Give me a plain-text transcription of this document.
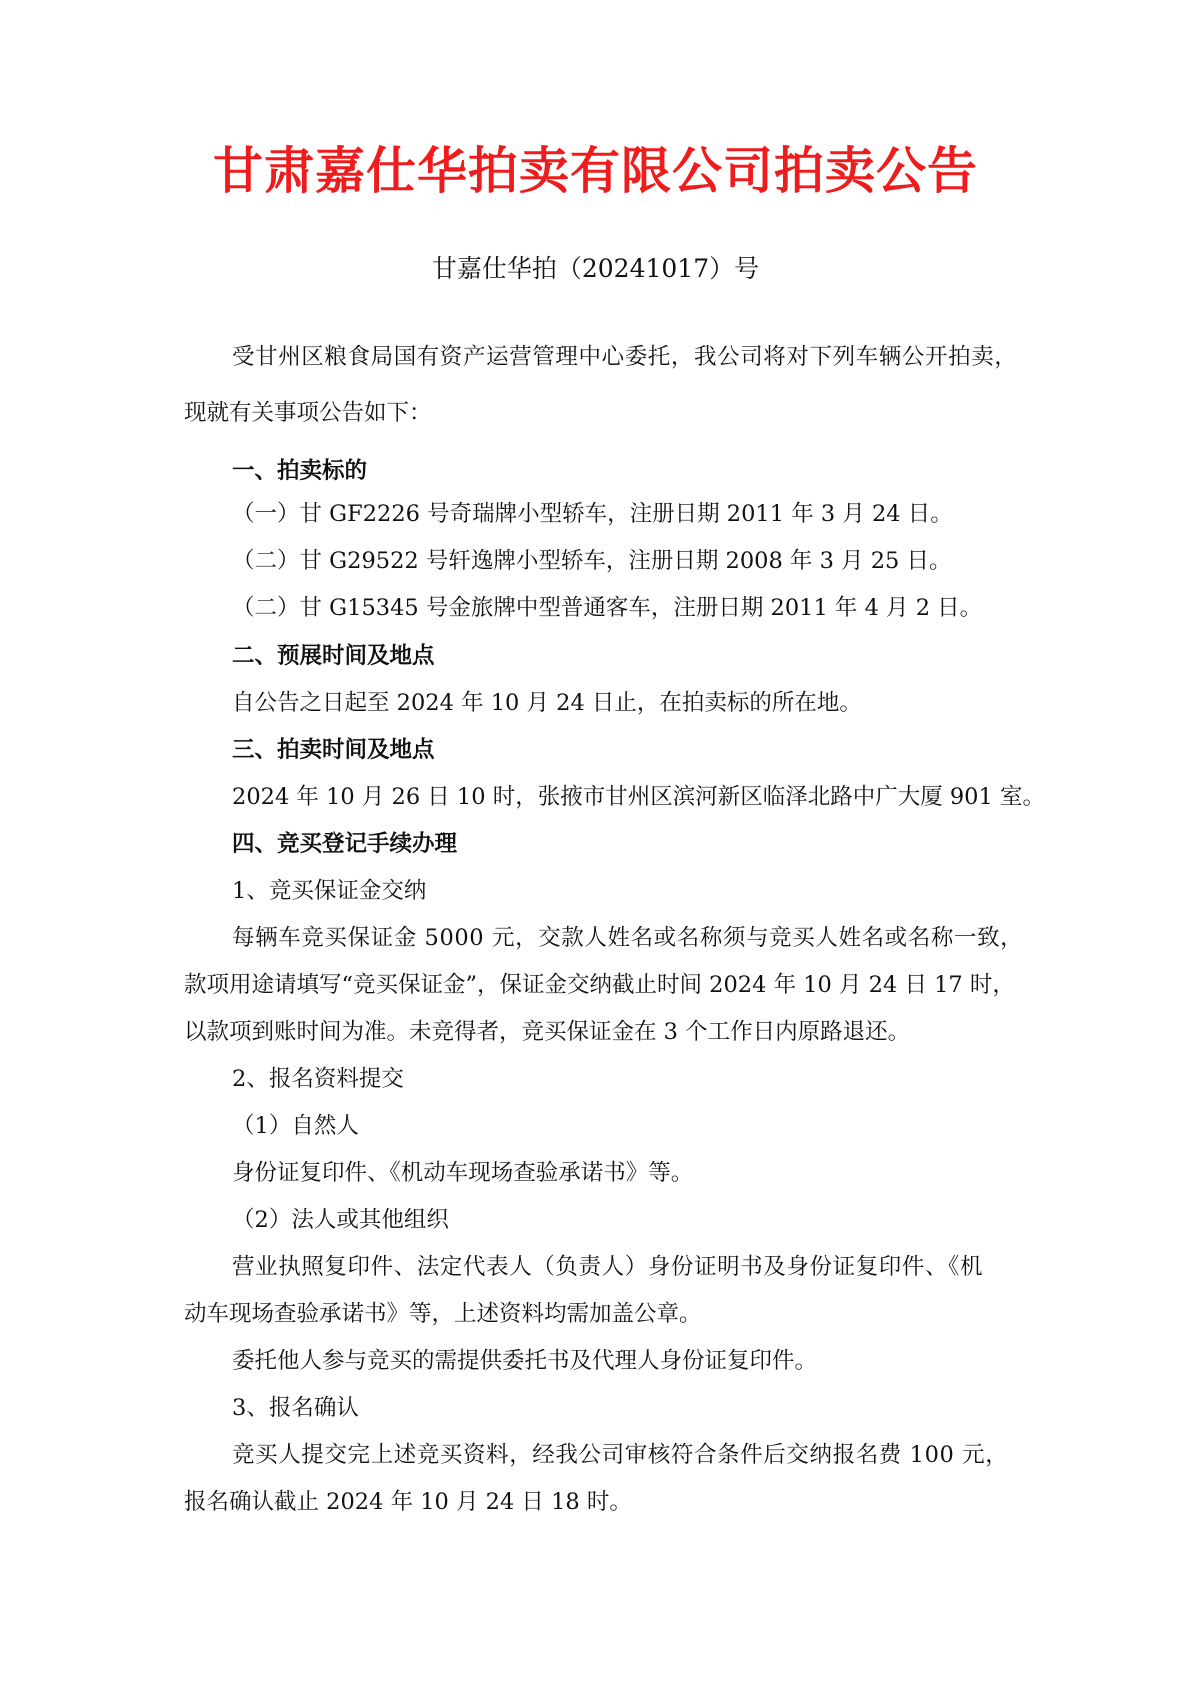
甘肃嘉仕华拍卖有限公司拍卖公告
甘嘉仕华拍（20241017）号
受甘州区粮食局国有资产运营管理中心委托，我公司将对下列车辆公开拍卖，
现就有关事项公告如下：
一、拍卖标的
（一）甘 GF2226 号奇瑞牌小型轿车，注册日期 2011 年 3 月 24 日。
（二）甘 G29522 号轩逸牌小型轿车，注册日期 2008 年 3 月 25 日。
（二）甘 G15345 号金旅牌中型普通客车，注册日期 2011 年 4 月 2 日。
二、预展时间及地点
自公告之日起至 2024 年 10 月 24 日止，在拍卖标的所在地。
三、拍卖时间及地点
2024 年 10 月 26 日 10 时，张掖市甘州区滨河新区临泽北路中广大厦 901 室。
四、竞买登记手续办理
1、竞买保证金交纳
每辆车竞买保证金 5000 元，交款人姓名或名称须与竞买人姓名或名称一致，
款项用途请填写“竞买保证金”，保证金交纳截止时间 2024 年 10 月 24 日 17 时，
以款项到账时间为准。未竞得者，竞买保证金在 3 个工作日内原路退还。
2、报名资料提交
（1）自然人
身份证复印件、《机动车现场查验承诺书》等。
（2）法人或其他组织
营业执照复印件、法定代表人（负责人）身份证明书及身份证复印件、《机
动车现场查验承诺书》等，上述资料均需加盖公章。
委托他人参与竞买的需提供委托书及代理人身份证复印件。
3、报名确认
竞买人提交完上述竞买资料，经我公司审核符合条件后交纳报名费 100 元，
报名确认截止 2024 年 10 月 24 日 18 时。
